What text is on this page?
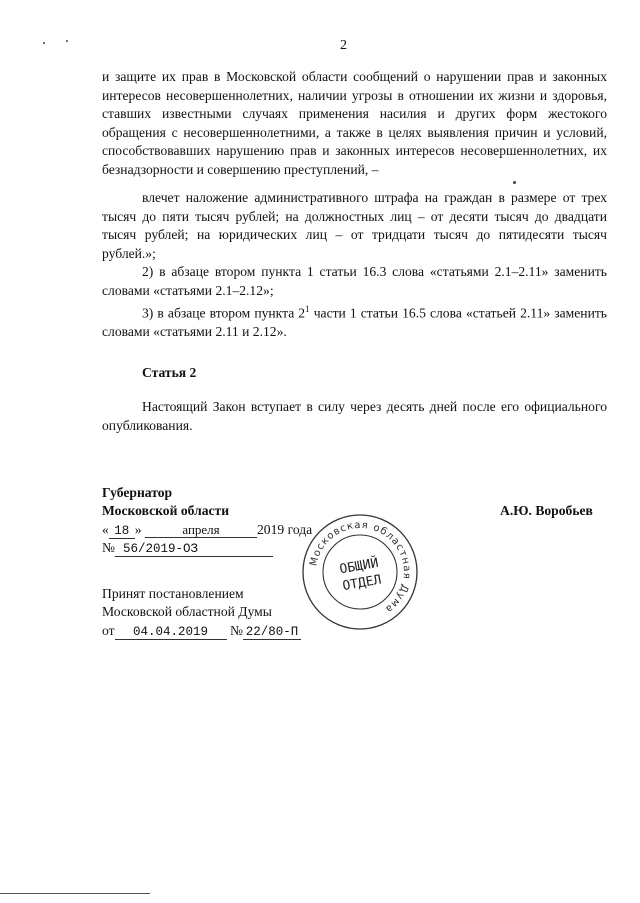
2

и защите их прав в Московской области сообщений о нарушении прав и законных интересов несовершеннолетних, наличии угрозы в отношении их жизни и здоровья, ставших известными случаях применения насилия и других форм жестокого обращения с несовершеннолетними, а также в целях выявления причин и условий, способствовавших нарушению прав и законных интересов несовершеннолетних, их безнадзорности и совершению преступлений, –

влечет наложение административного штрафа на граждан в размере от трех тысяч до пяти тысяч рублей; на должностных лиц – от десяти тысяч до двадцати тысяч рублей; на юридических лиц – от тридцати тысяч до пятидесяти тысяч рублей.»;

2) в абзаце втором пункта 1 статьи 16.3 слова «статьями 2.1–2.11» заменить словами «статьями 2.1–2.12»;

3) в абзаце втором пункта $2^1$ части 1 статьи 16.5 слова «статьей 2.11» заменить словами «статьями 2.11 и 2.12».

Статья 2

Настоящий Закон вступает в силу через десять дней после его официального опубликования.

Губернатор
Московской области	А.Ю. Воробьев
« 18 »	апреля	2019 года
№ 56/2019-ОЗ
Принят постановлением
Московской областной Думы
от 04.04.2019 № 22/80-П
Московская областная Дума
ОБЩИЙ
ОТДЕЛ
